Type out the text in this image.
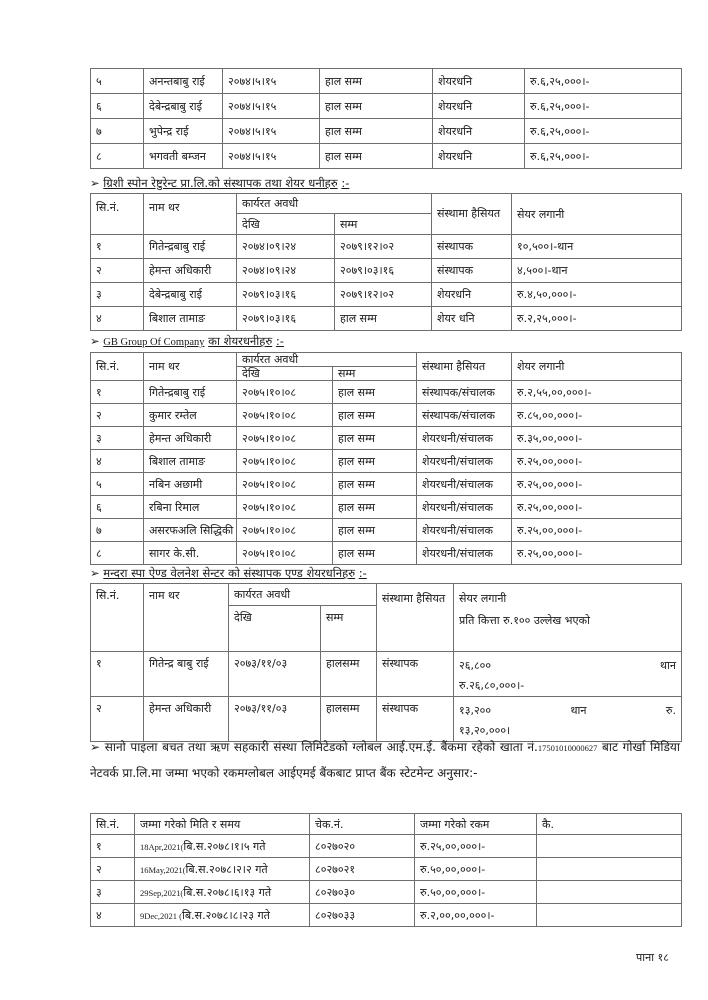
५	अनन्तबाबु राई	२०७४।५।१५	हाल सम्म	शेयरधनि	रु.६,२५,०००।-
६	देबेन्द्रबाबु राई	२०७४।५।१५	हाल सम्म	शेयरधनि	रु.६,२५,०००।-
७	भुपेन्द्र राई	२०७४।५।१५	हाल सम्म	शेयरधनि	रु.६,२५,०००।-
८	भगवती बम्जन	२०७४।५।१५	हाल सम्म	शेयरधनि	रु.६,२५,०००।-
➢ ग्रिशी स्पोन रेष्टुरेन्ट प्रा.लि.को संस्थापक तथा शेयर धनीहरु :-
सि.नं.	नाम थर	कार्यरत अवधी		संस्थामा हैसियत	सेयर लगानी
		देखि	सम्म		
१	गितेन्द्रबाबु राई	२०७४।०९।२४	२०७९।१२।०२	संस्थापक	१०,५००।-थान
२	हेमन्त अधिकारी	२०७४।०९।२४	२०७९।०३।१६	संस्थापक	४,५००।-थान
३	देबेन्द्रबाबु राई	२०७९।०३।१६	२०७९।१२।०२	शेयरधनि	रु.४,५०,०००।-
४	बिशाल तामाङ	२०७९।०३।१६	हाल सम्म	शेयर धनि	रु.२,२५,०००।-
➢ GB Group Of Company का शेयरधनीहरु :-
सि.नं.	नाम थर	कार्यरत अवधी		संस्थामा हैसियत	शेयर लगानी
		देखि	सम्म		
१	गितेन्द्रबाबु राई	२०७५।१०।०८	हाल सम्म	संस्थापक/संचालक	रु.२,५५,००,०००।-
२	कुमार रम्तेल	२०७५।१०।०८	हाल सम्म	संस्थापक/संचालक	रु.८५,००,०००।-
३	हेमन्त अधिकारी	२०७५।१०।०८	हाल सम्म	शेयरधनी/संचालक	रु.३५,००,०००।-
४	बिशाल तामाङ	२०७५।१०।०८	हाल सम्म	शेयरधनी/संचालक	रु.२५,००,०००।-
५	नबिन अछामी	२०७५।१०।०८	हाल सम्म	शेयरधनी/संचालक	रु.२५,००,०००।-
६	रबिना रिमाल	२०७५।१०।०८	हाल सम्म	शेयरधनी/संचालक	रु.२५,००,०००।-
७	असरफअलि सिद्धिकी	२०७५।१०।०८	हाल सम्म	शेयरधनी/संचालक	रु.२५,००,०००।-
८	सागर के.सी.	२०७५।१०।०८	हाल सम्म	शेयरधनी/संचालक	रु.२५,००,०००।-
➢ मन्दरा स्पा ऐण्ड वेलनेश सेन्टर को संस्थापक एण्ड शेयरधनिहरु :-
सि.नं.	नाम थर	कार्यरत अवधी		संस्थामा हैसियत	सेयर लगानी
प्रति कित्ता रु.१०० उल्लेख भएको

		देखि	सम्म		
१	गितेन्द्र बाबु राई	२०७३/११/०३	हालसम्म	संस्थापक	२६,८०० थान
रु.२६,८०,०००।-

२	हेमन्त अधिकारी	२०७३/११/०३	हालसम्म	संस्थापक	१३,२०० थान रु.
१३,२०,०००।
➢ सानो पाइला बचत तथा ऋण सहकारी संस्था लिमिटेडको ग्लोबल आई.एम.ई. बैंकमा रहेको खाता नं.17501010000627 बाट गोर्खा मिडिया नेटवर्क प्रा.लि.मा जम्मा भएको रकमग्लोबल आईएमई बैंकबाट प्राप्त बैंक स्टेटमेन्ट अनुसार:-
सि.नं.	जम्मा गरेको मिति र समय	चेक.नं.	जम्मा गरेको रकम	कै.
१	18Apr,2021(बि.स.२०७८।१।५ गते	८०२७०२०	रु.२५,००,०००।-	
२	16May,2021(बि.स.२०७८।२।२ गते	८०२७०२१	रु.५०,००,०००।-	
३	29Sep,2021(बि.स.२०७८।६।१३ गते	८०२७०३०	रु.५०,००,०००।-	
४	9Dec,2021 (बि.स.२०७८।८।२३ गते	८०२७०३३	रु.२,००,००,०००।-	
पाना १८
